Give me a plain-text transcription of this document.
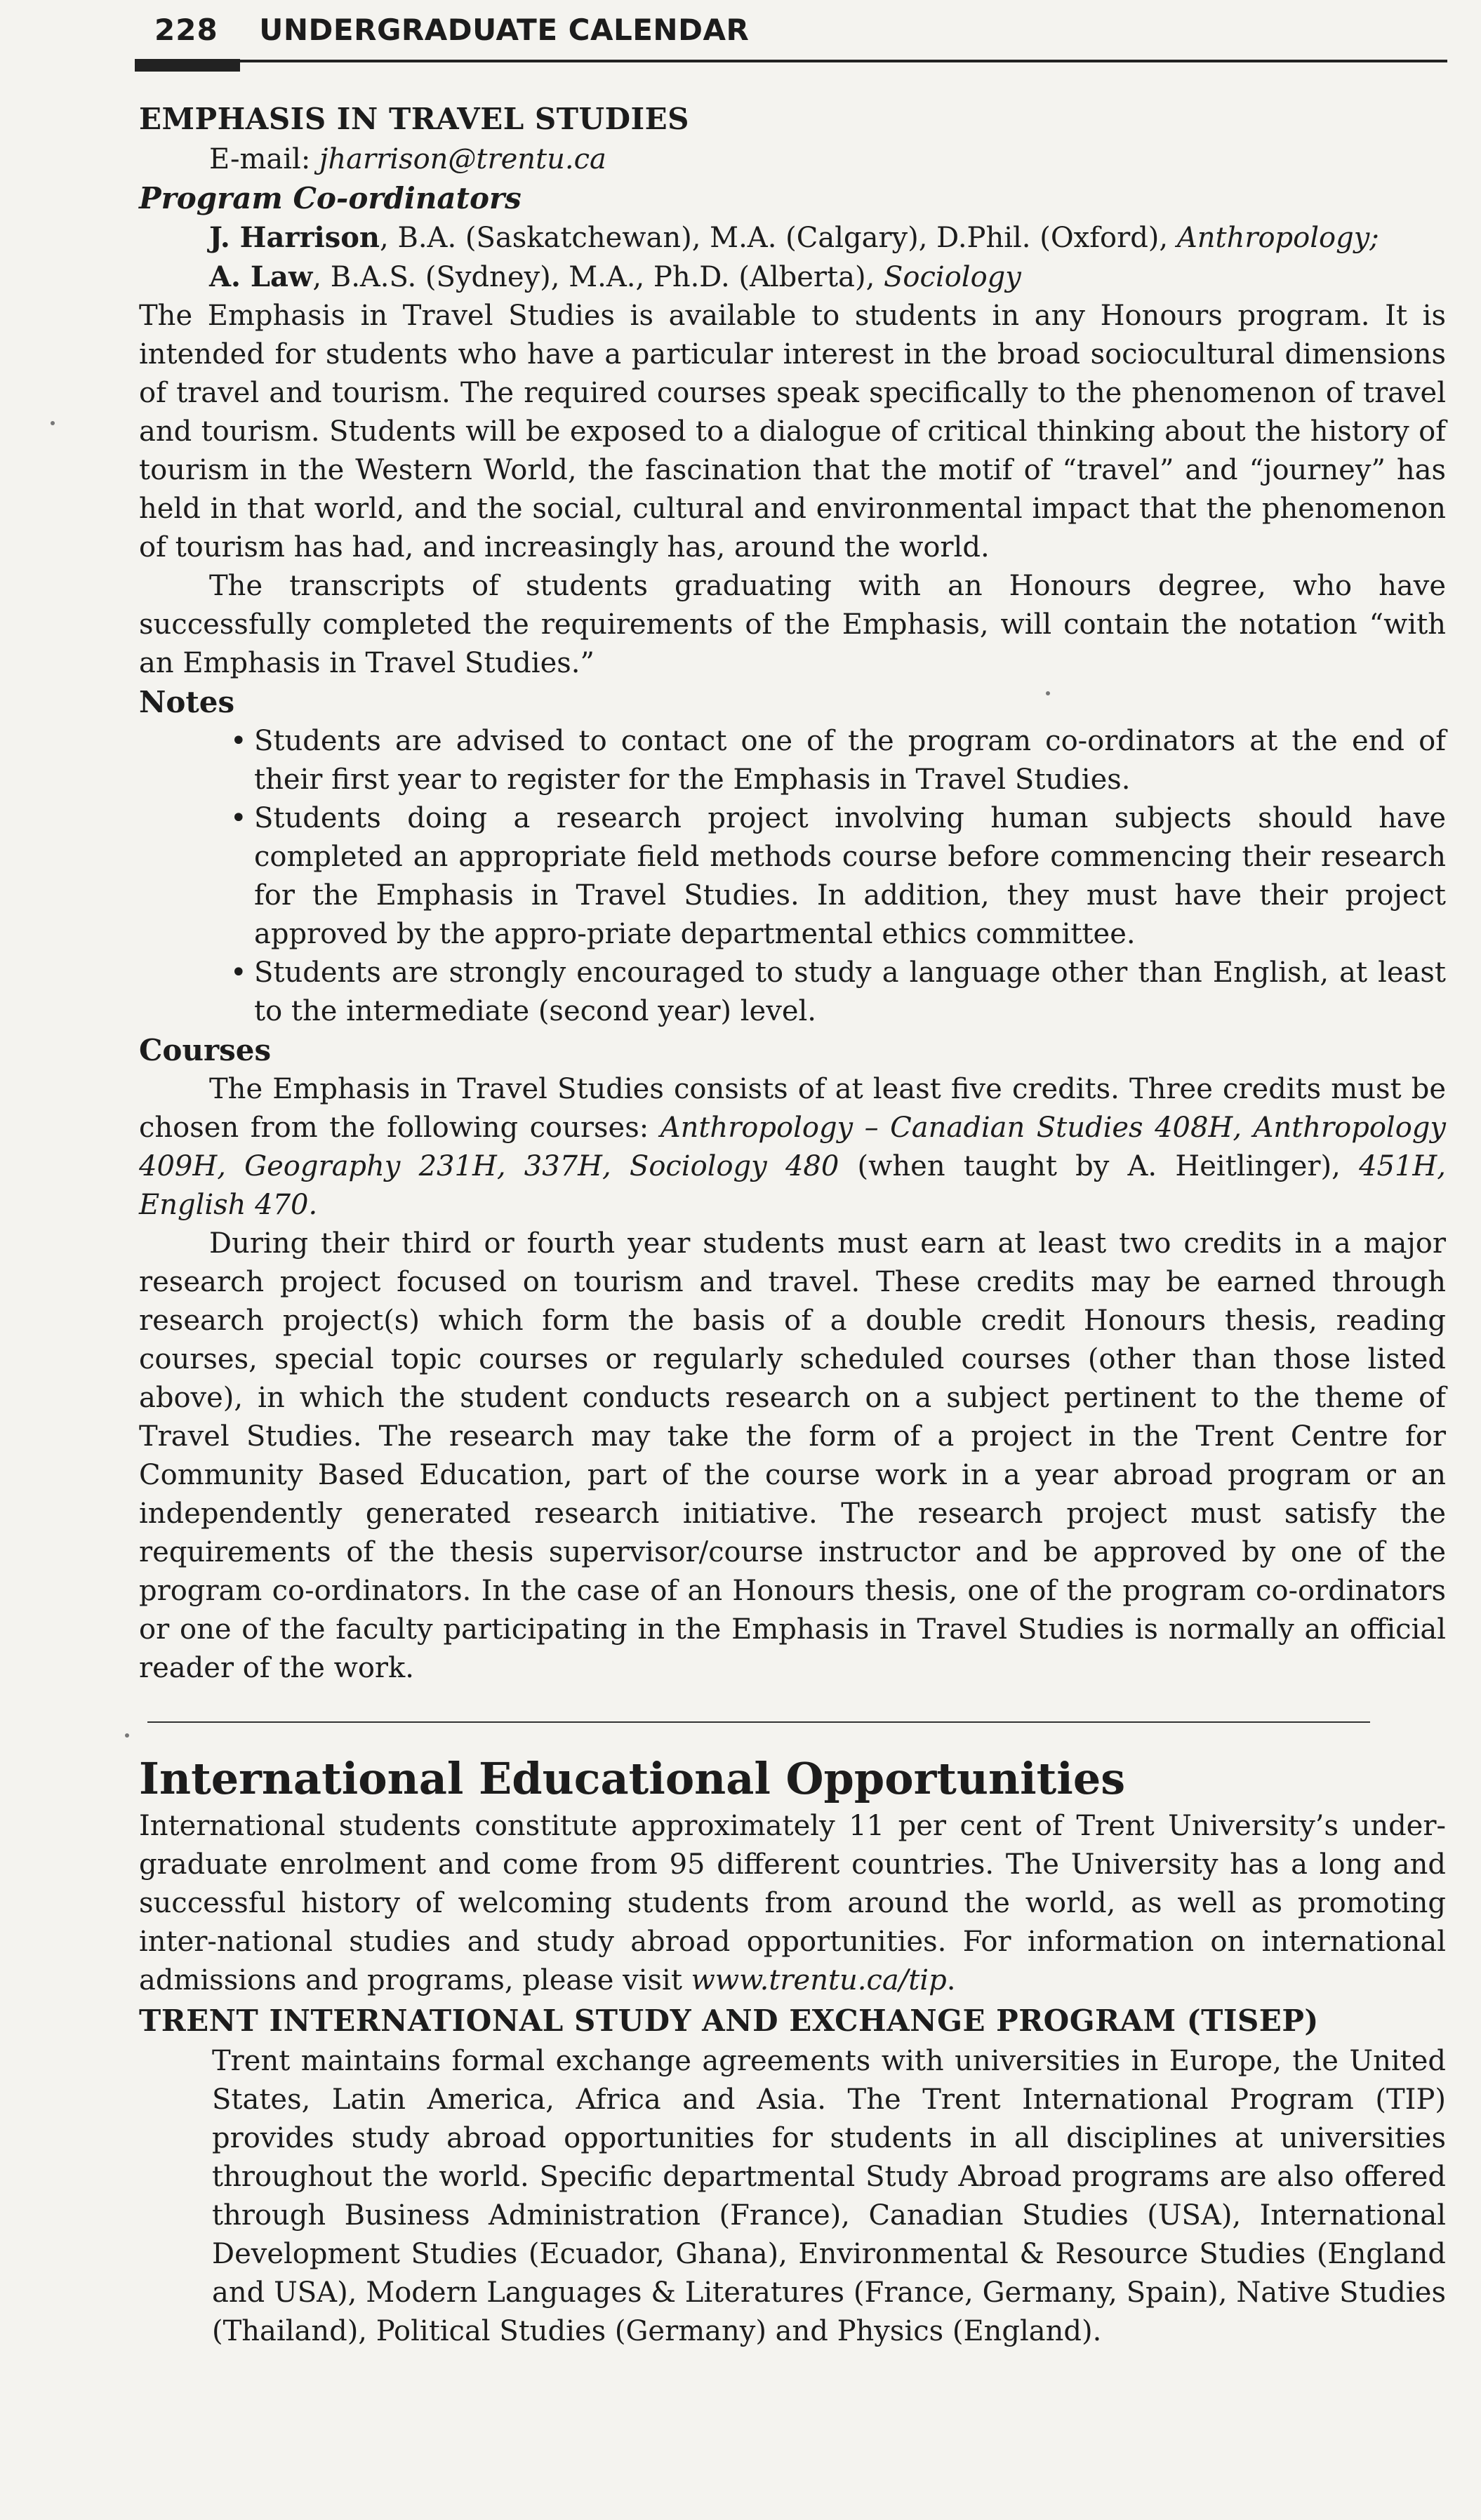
228 UNDERGRADUATE CALENDAR
EMPHASIS IN TRAVEL STUDIES

E-mail: jharrison@trentu.ca

Program Co-ordinators

J. Harrison, B.A. (Saskatchewan), M.A. (Calgary), D.Phil. (Oxford), Anthropology;

A. Law, B.A.S. (Sydney), M.A., Ph.D. (Alberta), Sociology

The Emphasis in Travel Studies is available to students in any Honours program. It is intended for students who have a particular interest in the broad sociocultural dimensions of travel and tourism. The required courses speak specifically to the phenomenon of travel and tourism. Students will be exposed to a dialogue of critical thinking about the history of tourism in the Western World, the fascination that the motif of “travel” and “journey” has held in that world, and the social, cultural and environmental impact that the phenomenon of tourism has had, and increasingly has, around the world.

The transcripts of students graduating with an Honours degree, who have successfully completed the requirements of the Emphasis, will contain the notation “with an Emphasis in Travel Studies.”

Notes
• Students are advised to contact one of the program co-ordinators at the end of their first year to register for the Emphasis in Travel Studies.
• Students doing a research project involving human subjects should have completed an appropriate field methods course before commencing their research for the Emphasis in Travel Studies. In addition, they must have their project approved by the appro-priate departmental ethics committee.
• Students are strongly encouraged to study a language other than English, at least to the intermediate (second year) level.
Courses

The Emphasis in Travel Studies consists of at least five credits. Three credits must be chosen from the following courses: Anthropology – Canadian Studies 408H, Anthropology 409H, Geography 231H, 337H, Sociology 480 (when taught by A. Heitlinger), 451H, English 470.

During their third or fourth year students must earn at least two credits in a major research project focused on tourism and travel. These credits may be earned through research project(s) which form the basis of a double credit Honours thesis, reading courses, special topic courses or regularly scheduled courses (other than those listed above), in which the student conducts research on a subject pertinent to the theme of Travel Studies. The research may take the form of a project in the Trent Centre for Community Based Education, part of the course work in a year abroad program or an independently generated research initiative. The research project must satisfy the requirements of the thesis supervisor/course instructor and be approved by one of the program co-ordinators. In the case of an Honours thesis, one of the program co-ordinators or one of the faculty participating in the Emphasis in Travel Studies is normally an official reader of the work.

International Educational Opportunities

International students constitute approximately 11 per cent of Trent University’s under-graduate enrolment and come from 95 different countries. The University has a long and successful history of welcoming students from around the world, as well as promoting inter-national studies and study abroad opportunities. For information on international admissions and programs, please visit www.trentu.ca/tip.

TRENT INTERNATIONAL STUDY AND EXCHANGE PROGRAM (TISEP)

Trent maintains formal exchange agreements with universities in Europe, the United States, Latin America, Africa and Asia. The Trent International Program (TIP) provides study abroad opportunities for students in all disciplines at universities throughout the world. Specific departmental Study Abroad programs are also offered through Business Administration (France), Canadian Studies (USA), International Development Studies (Ecuador, Ghana), Environmental & Resource Studies (England and USA), Modern Languages & Literatures (France, Germany, Spain), Native Studies (Thailand), Political Studies (Germany) and Physics (England).
